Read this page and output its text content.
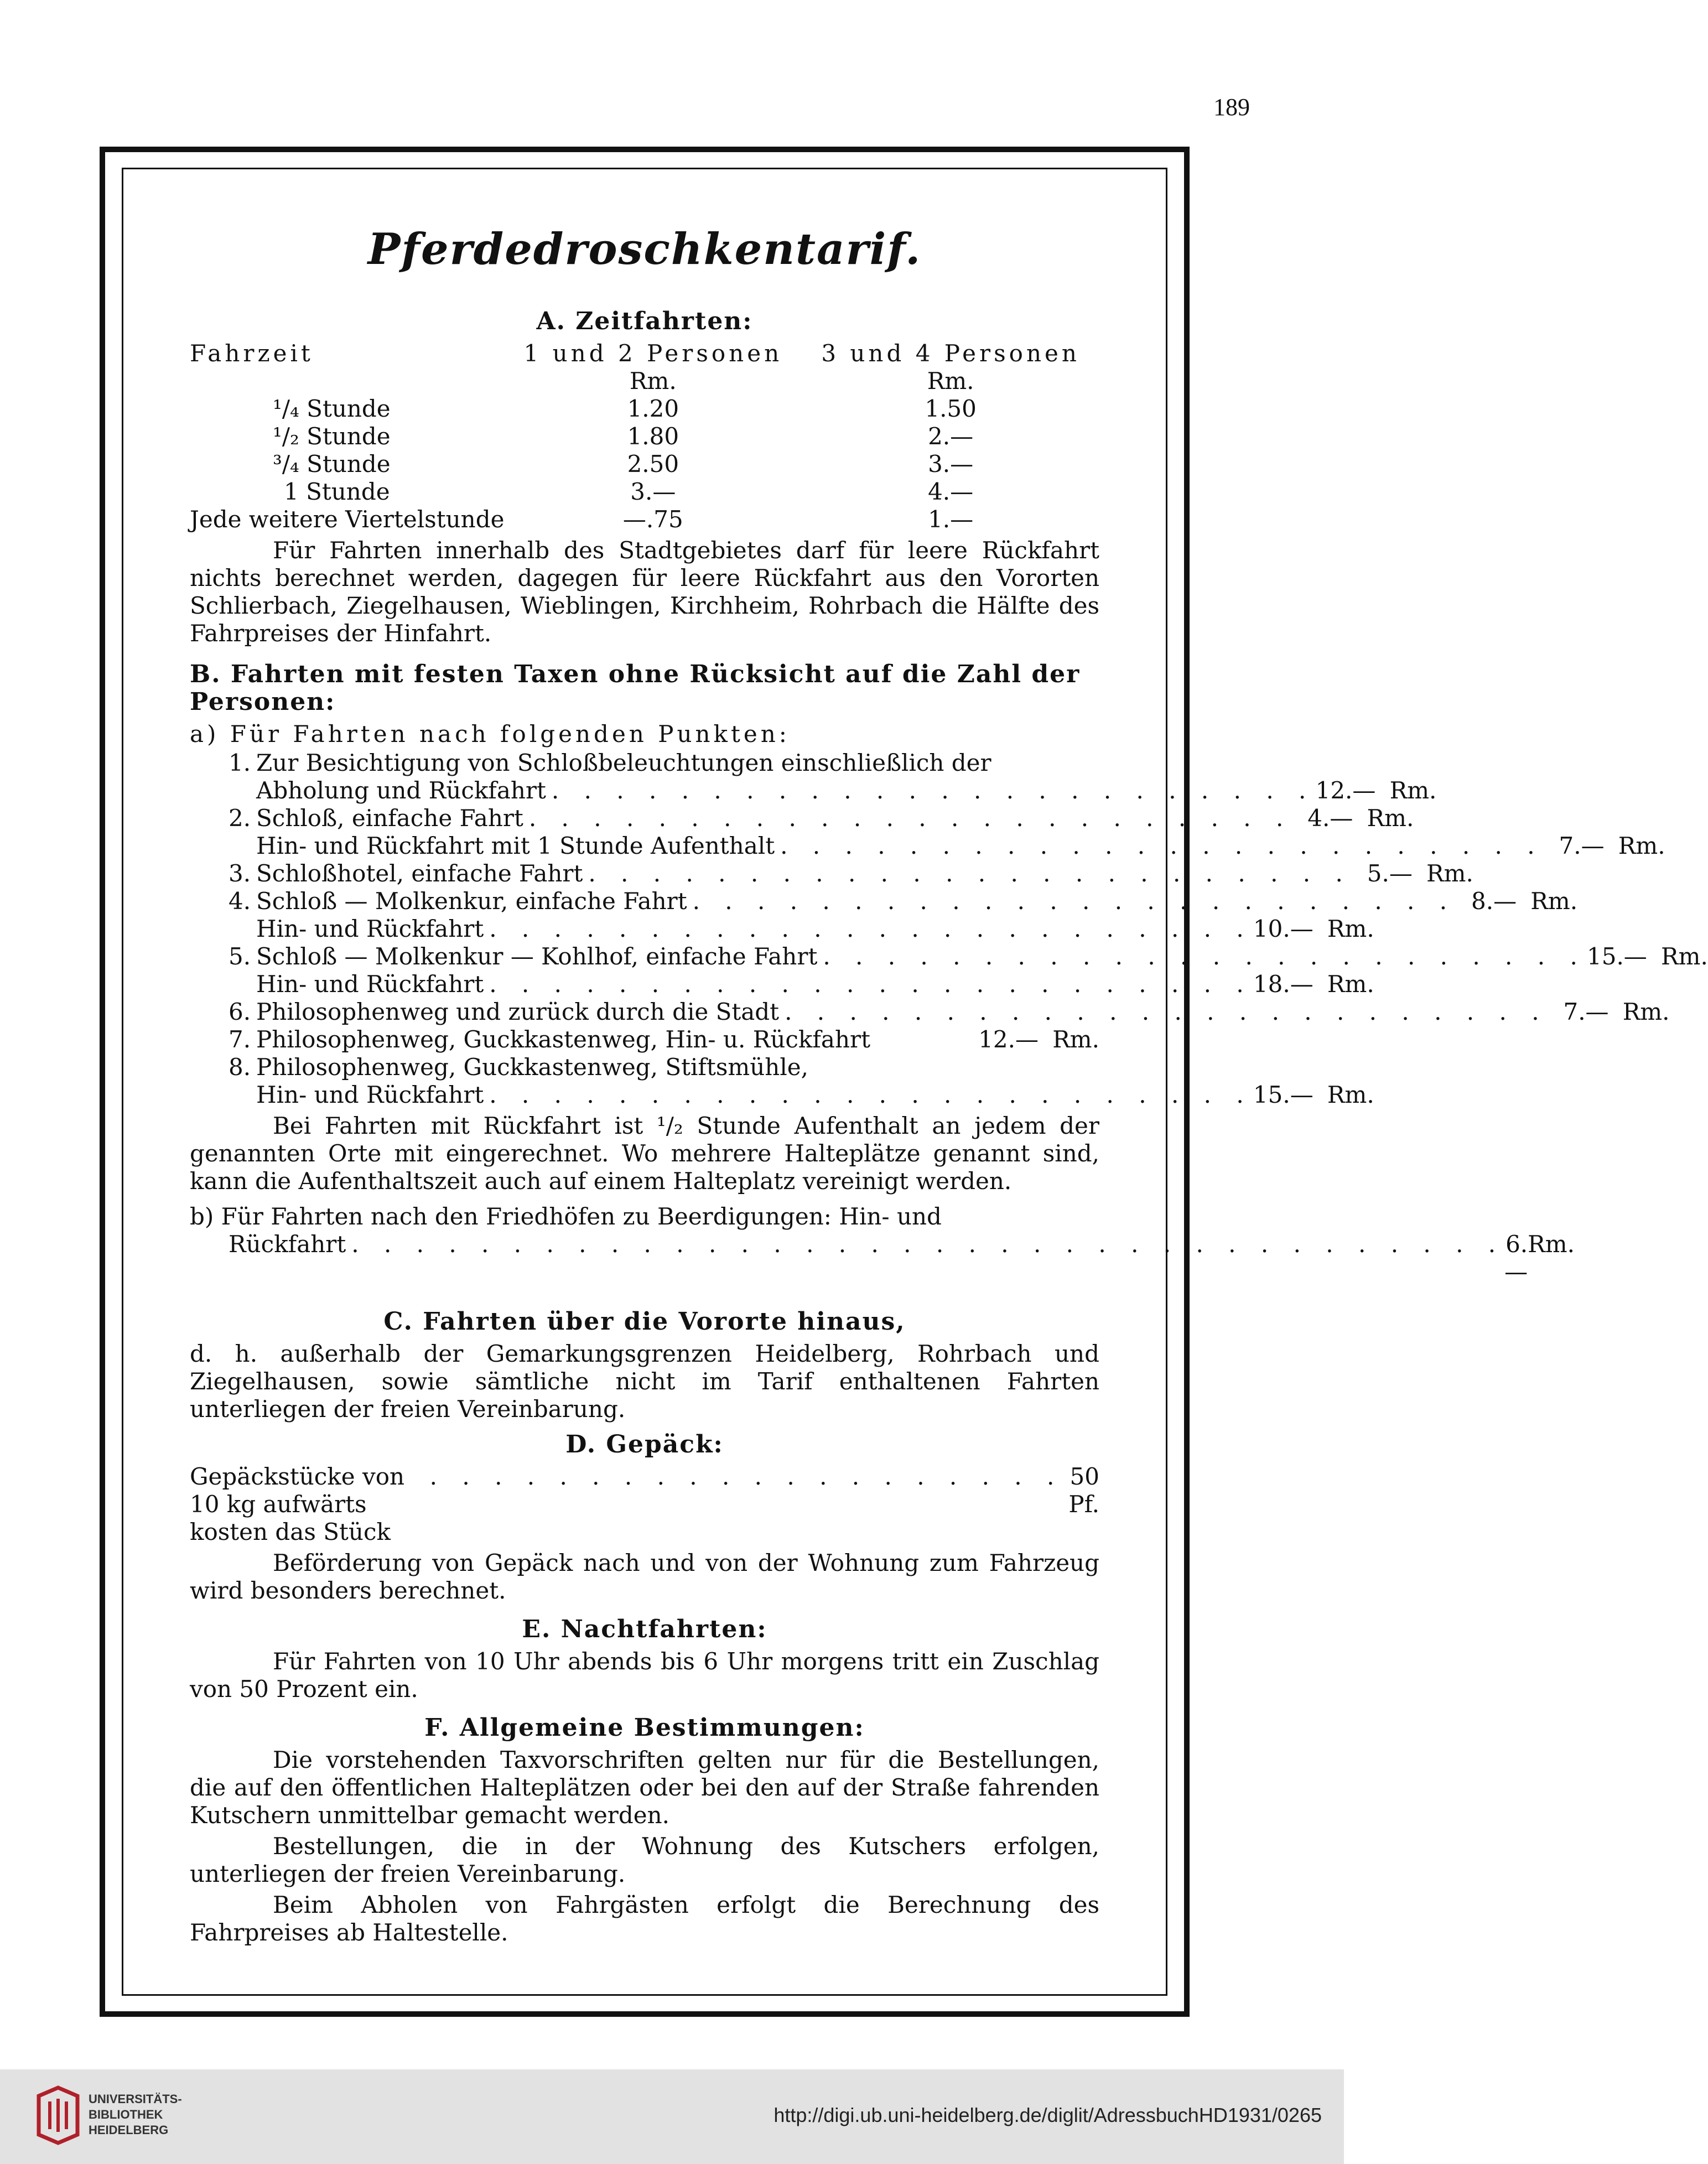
189
Pferdedroschkentarif.
A. Zeitfahrten:
Fahrzeit	1 und 2 Personen	3 und 4 Personen
	Rm.	Rm.
¹/₄ Stunde	1.20	1.50
¹/₂ Stunde	1.80	2.—
³/₄ Stunde	2.50	3.—
1 Stunde	3.—	4.—
Jede weitere Viertelstunde	—.75	1.—

Für Fahrten innerhalb des Stadtgebietes darf für leere Rückfahrt nichts berechnet werden, dagegen für leere Rückfahrt aus den Vororten Schlierbach, Ziegelhausen, Wieblingen, Kirchheim, Rohrbach die Hälfte des Fahrpreises der Hinfahrt.

B. Fahrten mit festen Taxen ohne Rücksicht auf die Zahl der Personen:
a) Für Fahrten nach folgenden Punkten:
1. Zur Besichtigung von Schloßbeleuchtungen einschließlich der
Abholung und Rückfahrt . . . . . . . . . . . . . . . . . . . . . . . . 12.— Rm.
2. Schloß, einfache Fahrt . . . . . . . . . . . . . . . . . . . . . . . . 4.— Rm.
Hin- und Rückfahrt mit 1 Stunde Aufenthalt . . . . . . . . . . . . . . . . . . . . . . . . 7.— Rm.
3. Schloßhotel, einfache Fahrt . . . . . . . . . . . . . . . . . . . . . . . . 5.— Rm.
4. Schloß — Molkenkur, einfache Fahrt . . . . . . . . . . . . . . . . . . . . . . . . 8.— Rm.
Hin- und Rückfahrt . . . . . . . . . . . . . . . . . . . . . . . . 10.— Rm.
5. Schloß — Molkenkur — Kohlhof, einfache Fahrt . . . . . . . . . . . . . . . . . . . . . . . . 15.— Rm.
Hin- und Rückfahrt . . . . . . . . . . . . . . . . . . . . . . . . 18.— Rm.
6. Philosophenweg und zurück durch die Stadt . . . . . . . . . . . . . . . . . . . . . . . . 7.— Rm.
7. Philosophenweg, Guckkastenweg, Hin- u. Rückfahrt	12.— Rm.
8. Philosophenweg, Guckkastenweg, Stiftsmühle,
Hin- und Rückfahrt . . . . . . . . . . . . . . . . . . . . . . . . 15.— Rm.

Bei Fahrten mit Rückfahrt ist ¹/₂ Stunde Aufenthalt an jedem der genannten Orte mit eingerechnet. Wo mehrere Halteplätze genannt sind, kann die Aufenthaltszeit auch auf einem Halteplatz vereinigt werden.

b) Für Fahrten nach den Friedhöfen zu Beerdigungen: Hin- und
Rückfahrt . . . . . . . . . . . . . . . . . . . . . . . . . . . . . . . . . . . . 6.—
Rm.
C. Fahrten über die Vororte hinaus,

d. h. außerhalb der Gemarkungsgrenzen Heidelberg, Rohrbach und Ziegelhausen, sowie sämtliche nicht im Tarif enthaltenen Fahrten unterliegen der freien Vereinbarung.

D. Gepäck:
Gepäckstücke von 10 kg aufwärts kosten das Stück
. . . . . . . . . . . . . . . . . . . . 50 Pf.

Beförderung von Gepäck nach und von der Wohnung zum Fahrzeug wird besonders berechnet.

E. Nachtfahrten:

Für Fahrten von 10 Uhr abends bis 6 Uhr morgens tritt ein Zuschlag von 50 Prozent ein.

F. Allgemeine Bestimmungen:

Die vorstehenden Taxvorschriften gelten nur für die Bestellungen, die auf den öffentlichen Halteplätzen oder bei den auf der Straße fahrenden Kutschern unmittelbar gemacht werden.

Bestellungen, die in der Wohnung des Kutschers erfolgen, unterliegen der freien Vereinbarung.

Beim Abholen von Fahrgästen erfolgt die Berechnung des Fahrpreises ab Haltestelle.

UNIVERSITÄTS-
BIBLIOTHEK
HEIDELBERG
http://digi.ub.uni-heidelberg.de/diglit/AdressbuchHD1931/0265
